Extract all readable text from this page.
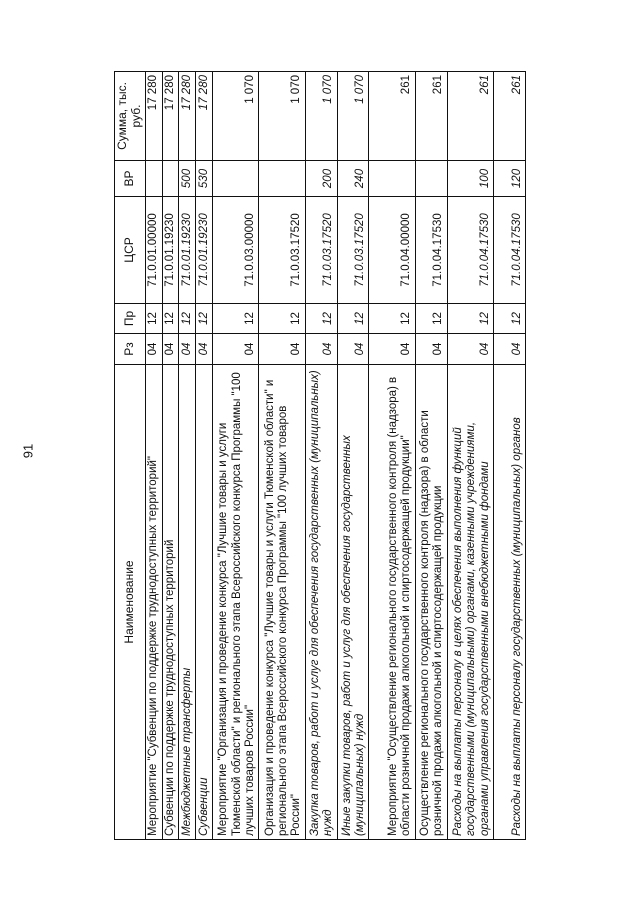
91
Наименование	Рз	Пр	ЦСР	ВР	Сумма, тыс. руб.
Мероприятие "Субвенции по поддержке труднодоступных территорий"	04	12	71.0.01.00000		17 280
Субвенции по поддержке труднодоступных территорий	04	12	71.0.01.19230		17 280
Межбюджетные трансферты	04	12	71.0.01.19230	500	17 280
Субвенции	04	12	71.0.01.19230	530	17 280
Мероприятие "Организация и проведение конкурса "Лучшие товары и услуги Тюменской области" и регионального этапа Всероссийского конкурса Программы "100 лучших товаров России"	04	12	71.0.03.00000		1 070
Организация и проведение конкурса "Лучшие товары и услуги Тюменской области" и регионального этапа Всероссийского конкурса Программы "100 лучших товаров России"	04	12	71.0.03.17520		1 070
Закупка товаров, работ и услуг для обеспечения государственных (муниципальных) нужд	04	12	71.0.03.17520	200	1 070
Иные закупки товаров, работ и услуг для обеспечения государственных (муниципальных) нужд	04	12	71.0.03.17520	240	1 070
Мероприятие "Осуществление регионального государственного контроля (надзора) в области розничной продажи алкогольной и спиртосодержащей продукции"	04	12	71.0.04.00000		261
Осуществление регионального государственного контроля (надзора) в области розничной продажи алкогольной и спиртосодержащей продукции	04	12	71.0.04.17530		261
Расходы на выплаты персоналу в целях обеспечения выполнения функций государственными (муниципальными) органами, казенными учреждениями, органами управления государственными внебюджетными фондами	04	12	71.0.04.17530	100	261
Расходы на выплаты персоналу государственных (муниципальных) органов	04	12	71.0.04.17530	120	261
